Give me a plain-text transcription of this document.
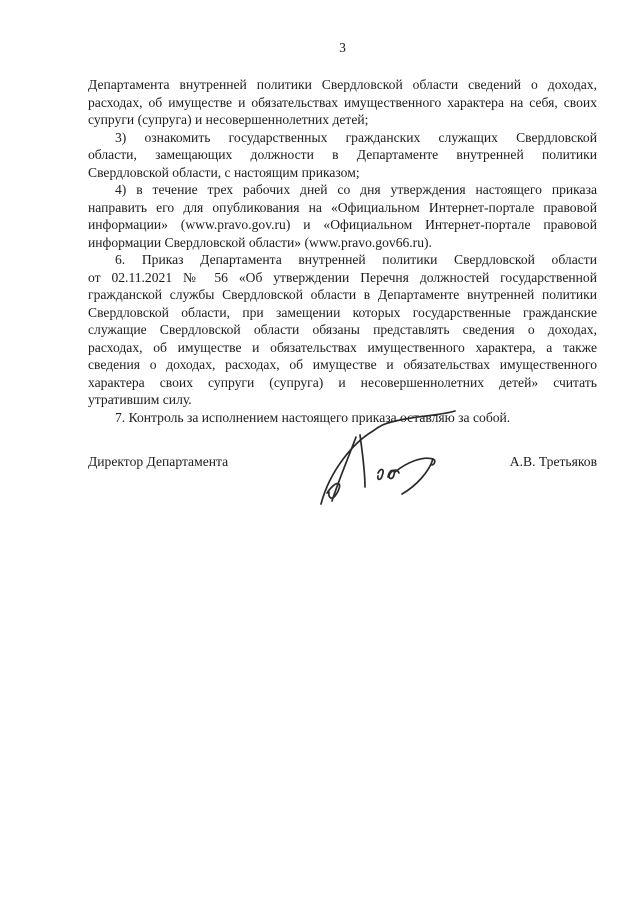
3
Департамента внутренней политики Свердловской области сведений о доходах,
расходах, об имуществе и обязательствах имущественного характера на себя, своих
супруги (супруга) и несовершеннолетних детей;
3) ознакомить государственных гражданских служащих Свердловской
области, замещающих должности в Департаменте внутренней политики
Свердловской области, с настоящим приказом;
4) в течение трех рабочих дней со дня утверждения настоящего приказа
направить его для опубликования на «Официальном Интернет-портале правовой
информации» (www.pravo.gov.ru) и «Официальном Интернет-портале правовой
информации Свердловской области» (www.pravo.gov66.ru).
6. Приказ Департамента внутренней политики Свердловской области
от 02.11.2021 № 56 «Об утверждении Перечня должностей государственной
гражданской службы Свердловской области в Департаменте внутренней политики
Свердловской области, при замещении которых государственные гражданские
служащие Свердловской области обязаны представлять сведения о доходах,
расходах, об имуществе и обязательствах имущественного характера, а также
сведения о доходах, расходах, об имуществе и обязательствах имущественного
характера своих супруги (супруга) и несовершеннолетних детей» считать
утратившим силу.
7. Контроль за исполнением настоящего приказа оставляю за собой.
Директор Департамента	А.В. Третьяков
